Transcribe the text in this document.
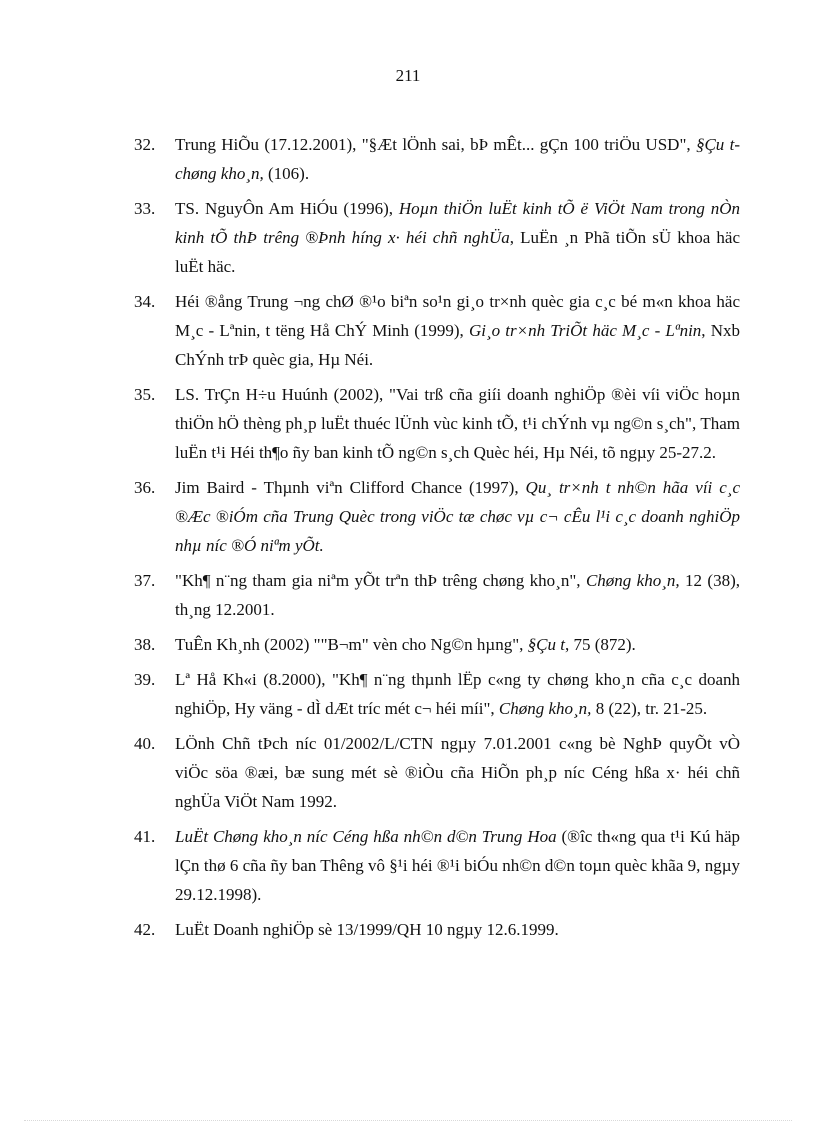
211
32.	Trung HiÕu (17.12.2001), "§Æt lÖnh sai, bÞ mÊt... gÇn 100 triÖu USD", §Çu t chøng kho¸n, (106).
33.	TS. NguyÔn Am HiÓu (1996), Hoµn thiÖn luËt kinh tÕ ë ViÖt Nam trong nÒn kinh tÕ thÞ trêng ®Þnh híng x· héi chñ nghÜa, LuËn ¸n Phã tiÕn sÜ khoa häc luËt häc.
34.	Héi ®ång Trung ¬ng chØ ®¹o biªn so¹n gi¸o tr×nh quèc gia c¸c bé m«n khoa häc M¸c - Lªnin, t tëng Hå ChÝ Minh (1999), Gi¸o tr×nh TriÕt häc M¸c - Lªnin, Nxb ChÝnh trÞ quèc gia, Hµ Néi.
35.	LS. TrÇn H÷u Huúnh (2002), "Vai trß cña giíi doanh nghiÖp ®èi víi viÖc hoµn thiÖn hÖ thèng ph¸p luËt thuéc lÜnh vùc kinh tÕ, t¹i chÝnh vµ ng©n s¸ch", Tham luËn t¹i Héi th¶o ñy ban kinh tÕ ng©n s¸ch Quèc héi, Hµ Néi, tõ ngµy 25-27.2.
36.	Jim Baird - Thµnh viªn Clifford Chance (1997), Qu¸ tr×nh t nh©n hãa víi c¸c ®Æc ®iÓm cña Trung Quèc trong viÖc tæ chøc vµ c¬ cÊu l¹i c¸c doanh nghiÖp nhµ níc ®Ó niªm yÕt.
37.	"Kh¶ n¨ng tham gia niªm yÕt trªn thÞ trêng chøng kho¸n", Chøng kho¸n, 12 (38), th¸ng 12.2001.
38.	TuÊn Kh¸nh (2002) ""B¬m" vèn cho Ng©n hµng", §Çu t, 75 (872).
39.	Lª Hå Kh«i (8.2000), "Kh¶ n¨ng thµnh lËp c«ng ty chøng kho¸n cña c¸c doanh nghiÖp, Hy väng - dÌ dÆt tríc mét c¬ héi míi", Chøng kho¸n, 8 (22), tr. 21-25.
40.	LÖnh Chñ tÞch níc 01/2002/L/CTN ngµy 7.01.2001 c«ng bè NghÞ quyÕt vÒ viÖc söa ®æi, bæ sung mét sè ®iÒu cña HiÕn ph¸p níc Céng hßa x· héi chñ nghÜa ViÖt Nam 1992.
41.	LuËt Chøng kho¸n níc Céng hßa nh©n d©n Trung Hoa (®îc th«ng qua t¹i Kú häp lÇn thø 6 cña ñy ban Thêng vô §¹i héi ®¹i biÓu nh©n d©n toµn quèc khãa 9, ngµy 29.12.1998).
42.	LuËt Doanh nghiÖp sè 13/1999/QH 10 ngµy 12.6.1999.
